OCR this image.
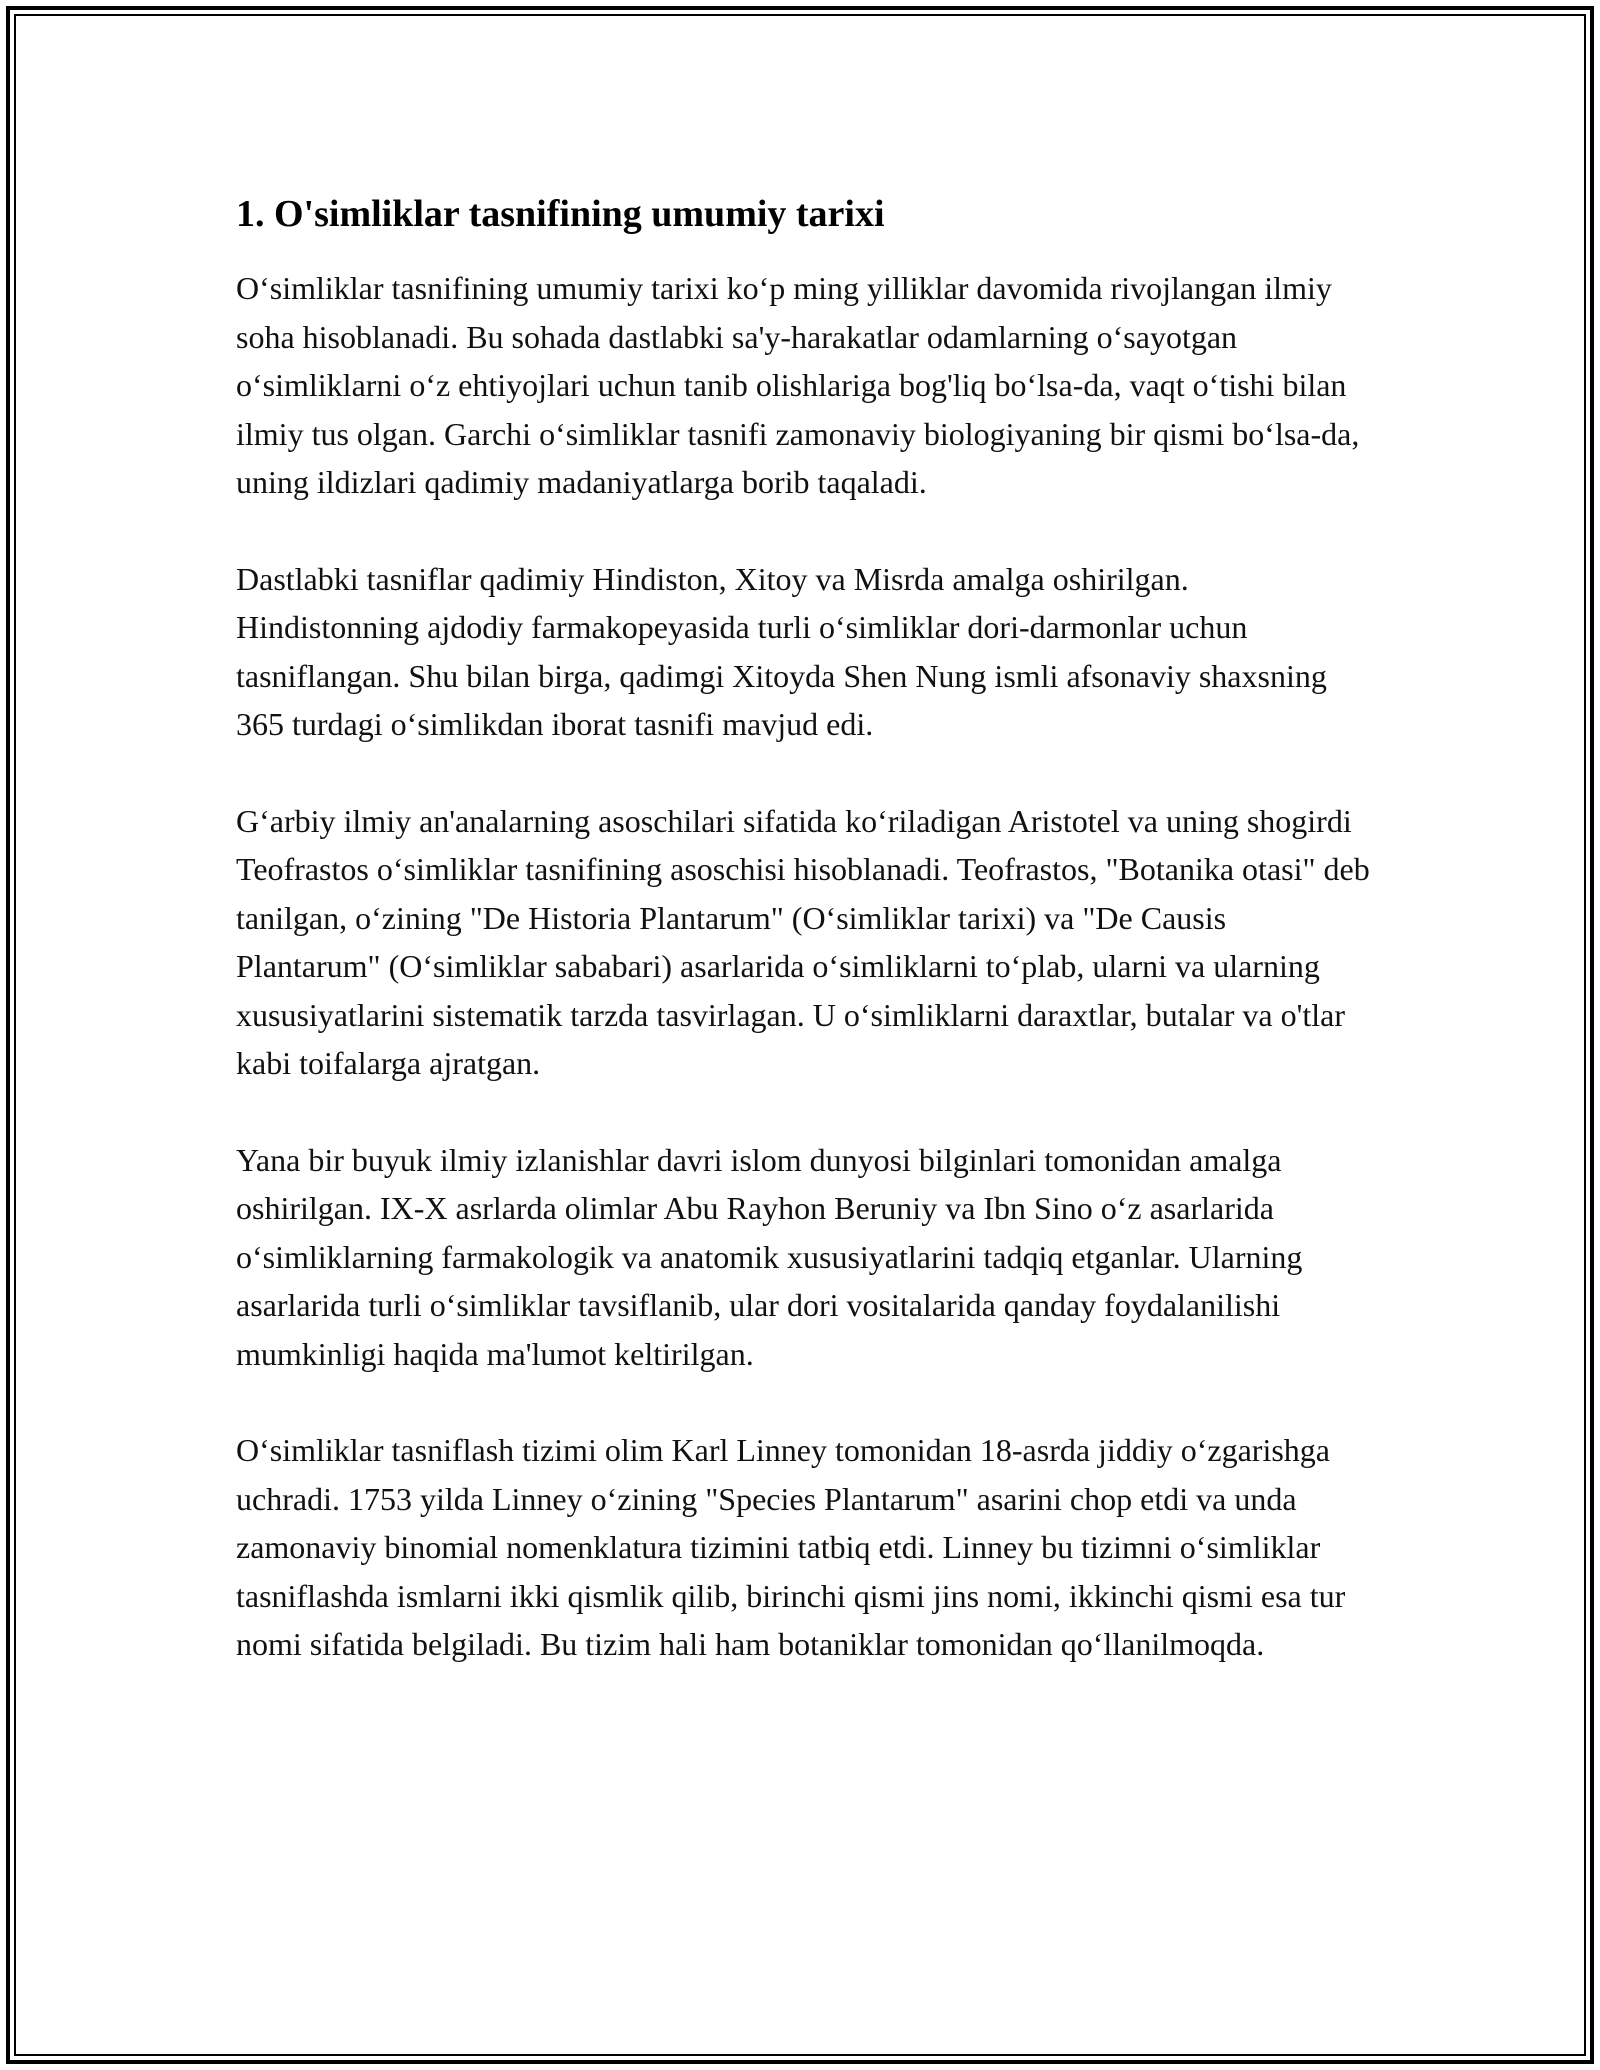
1. O'simliklar tasnifining umumiy tarixi

O‘simliklar tasnifining umumiy tarixi ko‘p ming yilliklar davomida rivojlangan ilmiy soha hisoblanadi. Bu sohada dastlabki sa'y-harakatlar odamlarning o‘sayotgan o‘simliklarni o‘z ehtiyojlari uchun tanib olishlariga bog'liq bo‘lsa-da, vaqt o‘tishi bilan ilmiy tus olgan. Garchi o‘simliklar tasnifi zamonaviy biologiyaning bir qismi bo‘lsa-da, uning ildizlari qadimiy madaniyatlarga borib taqaladi.

Dastlabki tasniflar qadimiy Hindiston, Xitoy va Misrda amalga oshirilgan. Hindistonning ajdodiy farmakopeyasida turli o‘simliklar dori-darmonlar uchun tasniflangan. Shu bilan birga, qadimgi Xitoyda Shen Nung ismli afsonaviy shaxsning 365 turdagi o‘simlikdan iborat tasnifi mavjud edi.

G‘arbiy ilmiy an'analarning asoschilari sifatida ko‘riladigan Aristotel va uning shogirdi Teofrastos o‘simliklar tasnifining asoschisi hisoblanadi. Teofrastos, "Botanika otasi" deb tanilgan, o‘zining "De Historia Plantarum" (O‘simliklar tarixi) va "De Causis Plantarum" (O‘simliklar sababari) asarlarida o‘simliklarni to‘plab, ularni va ularning xususiyatlarini sistematik tarzda tasvirlagan. U o‘simliklarni daraxtlar, butalar va o'tlar kabi toifalarga ajratgan.

Yana bir buyuk ilmiy izlanishlar davri islom dunyosi bilginlari tomonidan amalga oshirilgan. IX-X asrlarda olimlar Abu Rayhon Beruniy va Ibn Sino o‘z asarlarida o‘simliklarning farmakologik va anatomik xususiyatlarini tadqiq etganlar. Ularning asarlarida turli o‘simliklar tavsiflanib, ular dori vositalarida qanday foydalanilishi mumkinligi haqida ma'lumot keltirilgan.

O‘simliklar tasniflash tizimi olim Karl Linney tomonidan 18-asrda jiddiy o‘zgarishga uchradi. 1753 yilda Linney o‘zining "Species Plantarum" asarini chop etdi va unda zamonaviy binomial nomenklatura tizimini tatbiq etdi. Linney bu tizimni o‘simliklar tasniflashda ismlarni ikki qismlik qilib, birinchi qismi jins nomi, ikkinchi qismi esa tur nomi sifatida belgiladi. Bu tizim hali ham botaniklar tomonidan qo‘llanilmoqda.
